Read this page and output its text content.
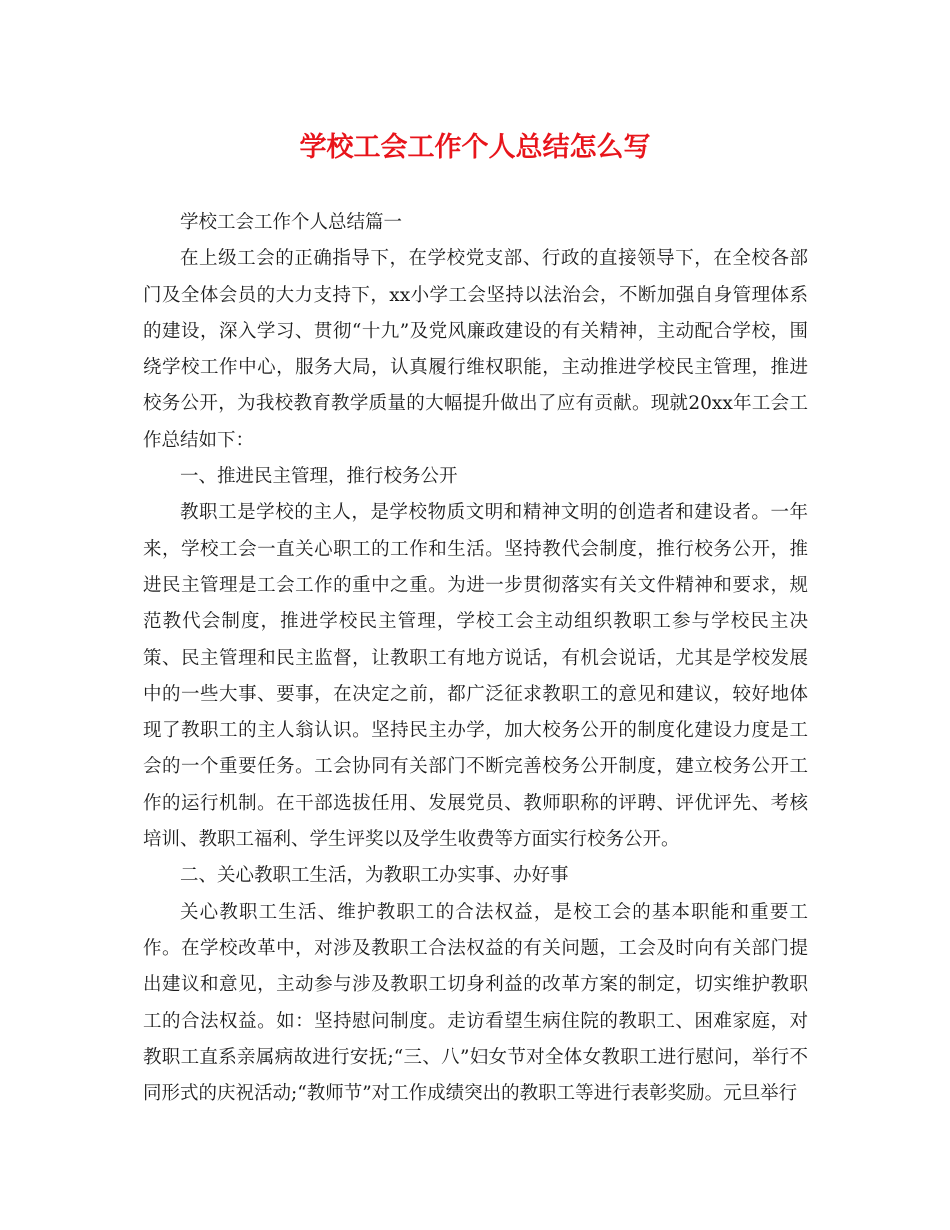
学校工会工作个人总结怎么写

学校工会工作个人总结篇一

在上级工会的正确指导下，在学校党支部、行政的直接领导下，在全校各部门及全体会员的大力支持下，xx小学工会坚持以法治会，不断加强自身管理体系的建设，深入学习、贯彻“十九”及党风廉政建设的有关精神，主动配合学校，围绕学校工作中心，服务大局，认真履行维权职能，主动推进学校民主管理，推进校务公开，为我校教育教学质量的大幅提升做出了应有贡献。现就20xx年工会工作总结如下：

一、推进民主管理，推行校务公开

教职工是学校的主人，是学校物质文明和精神文明的创造者和建设者。一年来，学校工会一直关心职工的工作和生活。坚持教代会制度，推行校务公开，推进民主管理是工会工作的重中之重。为进一步贯彻落实有关文件精神和要求，规范教代会制度，推进学校民主管理，学校工会主动组织教职工参与学校民主决策、民主管理和民主监督，让教职工有地方说话，有机会说话，尤其是学校发展中的一些大事、要事，在决定之前，都广泛征求教职工的意见和建议，较好地体现了教职工的主人翁认识。坚持民主办学，加大校务公开的制度化建设力度是工会的一个重要任务。工会协同有关部门不断完善校务公开制度，建立校务公开工作的运行机制。在干部选拔任用、发展党员、教师职称的评聘、评优评先、考核培训、教职工福利、学生评奖以及学生收费等方面实行校务公开。

二、关心教职工生活，为教职工办实事、办好事

关心教职工生活、维护教职工的合法权益，是校工会的基本职能和重要工作。在学校改革中，对涉及教职工合法权益的有关问题，工会及时向有关部门提出建议和意见，主动参与涉及教职工切身利益的改革方案的制定，切实维护教职工的合法权益。如：坚持慰问制度。走访看望生病住院的教职工、困难家庭，对教职工直系亲属病故进行安抚;“三、八”妇女节对全体女教职工进行慰问，举行不同形式的庆祝活动;“教师节”对工作成绩突出的教职工等进行表彰奖励。元旦举行
